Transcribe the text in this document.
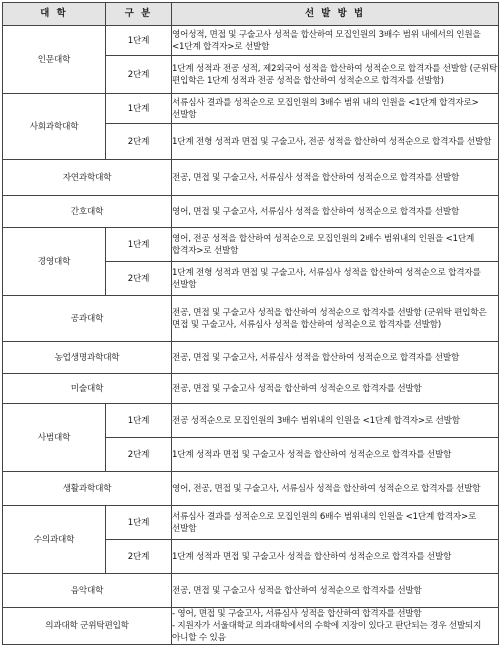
대 학	구 분	선 발 방 법
인문대학	1단계	영어성적, 면접 및 구술고사 성적을 합산하여 모집인원의 3배수 범위 내에서의 인원을 <1단계 합격자>로 선발함

	2단계	1단계 성적과 전공 성적, 제2외국어 성적을 합산하여 성적순으로 합격자를 선발함 (군위탁 편입학은 1단계 성적과 전공 성적을 합산하여 성적순으로 합격자를 선발함)

사회과학대학	1단계	서류심사 결과를 성적순으로 모집인원의 3배수 범위 내의 인원을 <1단계 합격자로> 선발함

	2단계	1단계 전형 성적과 면접 및 구술고사, 전공 성적을 합산하여 성적순으로 합격자를 선발함

자연과학대학		전공, 면접 및 구술고사, 서류심사 성적을 합산하여 성적순으로 합격자를 선발함

간호대학		영어, 면접 및 구술고사, 서류심사 성적을 합산하여 성적순으로 합격자를 선발함

경영대학	1단계	영어, 전공 성적을 합산하여 성적순으로 모집인원의 2배수 범위내의 인원을 <1단계 합격자>로 선발함

	2단계	1단계 전형 성적과 면접 및 구술고사, 서류심사 성적을 합산하여 성적순으로 합격자를 선발함

공과대학		전공, 면접 및 구술고사 성적을 합산하여 성적순으로 합격자를 선발함 (군위탁 편입학은 면접 및 구술고사, 서류심사 성적을 합산하여 성적순으로 합격자를 선발함)

농업생명과학대학		전공, 면접 및 구술고사, 서류심사 성적을 합산하여 성적순으로 합격자를 선발함

미술대학		전공, 면접 및 구술고사 성적을 합산하여 성적순으로 합격자를 선발함

사범대학	1단계	전공 성적순으로 모집인원의 3배수 범위내의 인원을 <1단계 합격자>로 선발함

	2단계	1단계 성적과 면접 및 구술고사 성적을 합산하여 성적순으로 합격자를 선발함

생활과학대학		영어, 전공, 면접 및 구술고사, 서류심사 성적을 합산하여 성적순으로 합격자를 선발함

수의과대학	1단계	서류심사 결과를 성적순으로 모집인원의 6배수 범위내의 인원을 <1단계 합격자>로 선발함

	2단계	1단계 성적과 면접 및 구술고사 성적을 합산하여 성적순으로 합격자를 선발함

음악대학		전공, 면접 및 구술고사 성적을 합산하여 성적순으로 합격자를 선발함

의과대학 군위탁편입학		- 영어, 면접 및 구술고사, 서류심사 성적을 합산하여 합격자를 선발함
- 지원자가 서울대학교 의과대학에서의 수학에 지장이 있다고 판단되는 경우 선발되지 아니할 수 있음
